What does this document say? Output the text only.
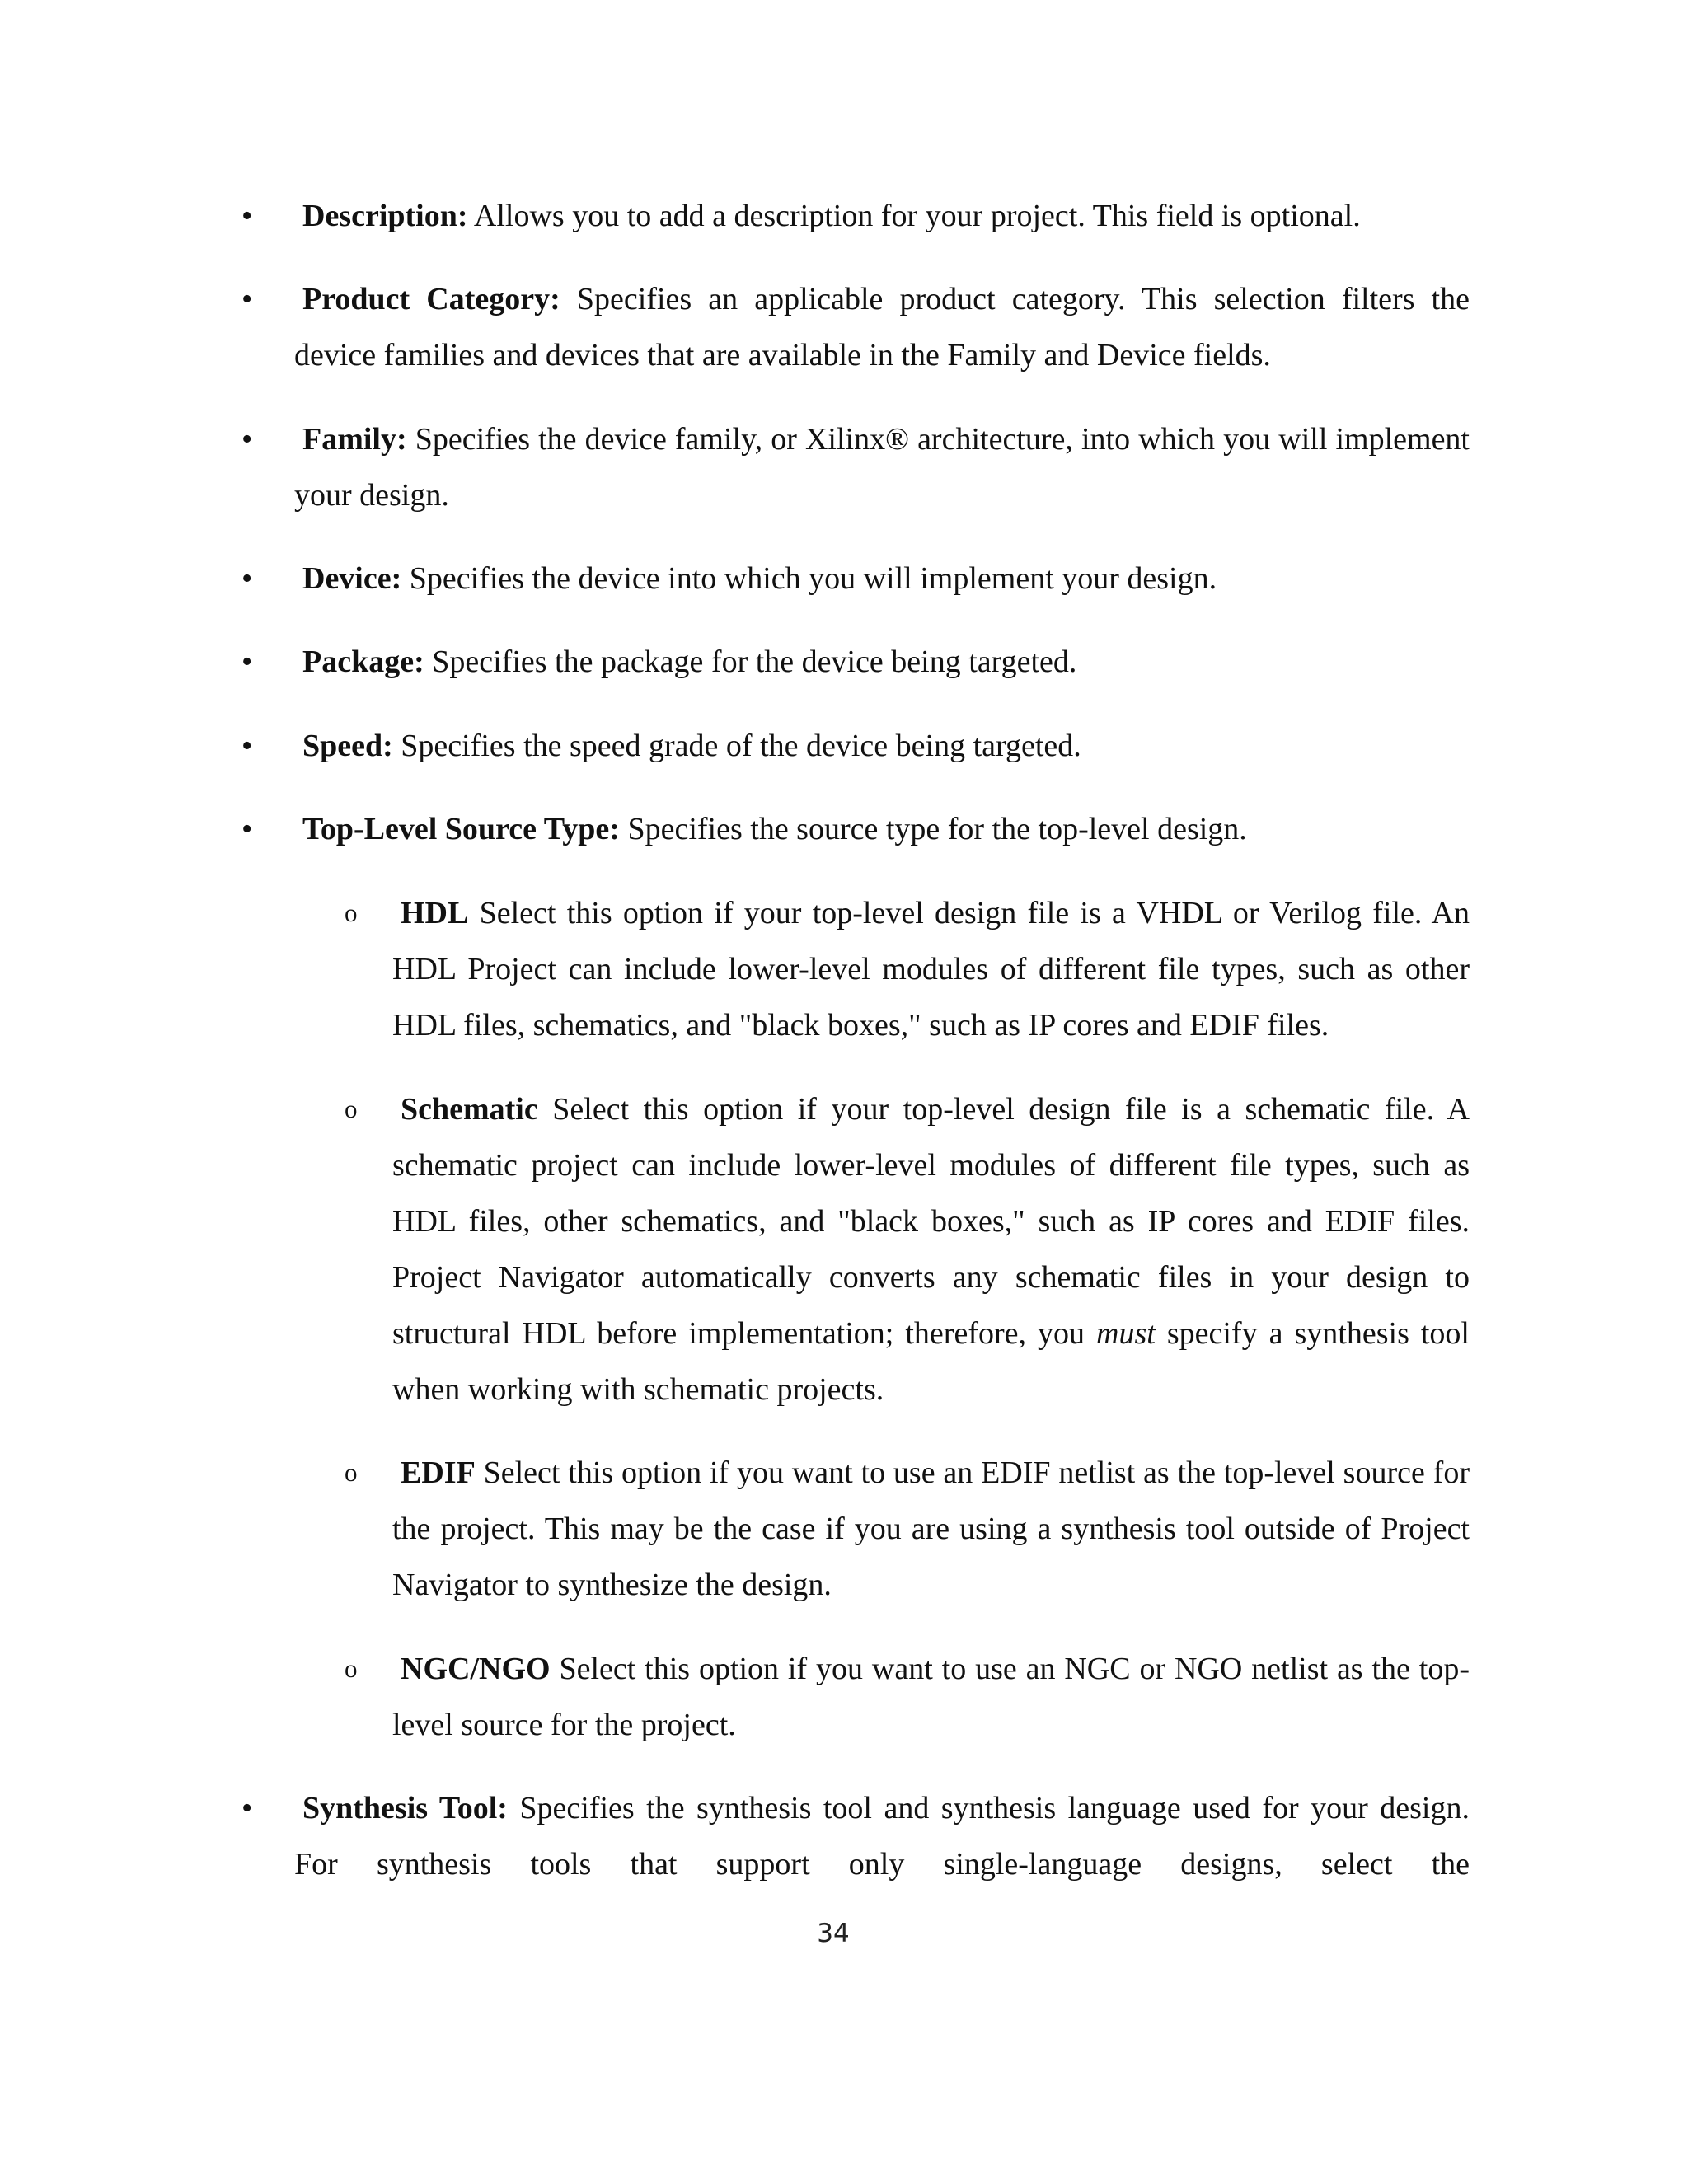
• Description: Allows you to add a description for your project. This field is optional.
• Product Category: Specifies an applicable product category. This selection filters the device families and devices that are available in the Family and Device fields.
• Family: Specifies the device family, or Xilinx® architecture, into which you will implement your design.
• Device: Specifies the device into which you will implement your design.
• Package: Specifies the package for the device being targeted.
• Speed: Specifies the speed grade of the device being targeted.
• Top-Level Source Type: Specifies the source type for the top-level design.
o HDL Select this option if your top-level design file is a VHDL or Verilog file. An HDL Project can include lower-level modules of different file types, such as other HDL files, schematics, and "black boxes," such as IP cores and EDIF files.
o Schematic Select this option if your top-level design file is a schematic file. A schematic project can include lower-level modules of different file types, such as HDL files, other schematics, and "black boxes," such as IP cores and EDIF files. Project Navigator automatically converts any schematic files in your design to structural HDL before implementation; therefore, you must specify a synthesis tool when working with schematic projects.
o EDIF Select this option if you want to use an EDIF netlist as the top-level source for the project. This may be the case if you are using a synthesis tool outside of Project Navigator to synthesize the design.
o NGC/NGO Select this option if you want to use an NGC or NGO netlist as the top-level source for the project.
• Synthesis Tool: Specifies the synthesis tool and synthesis language used for your design. For synthesis tools that support only single-language designs, select the
34
